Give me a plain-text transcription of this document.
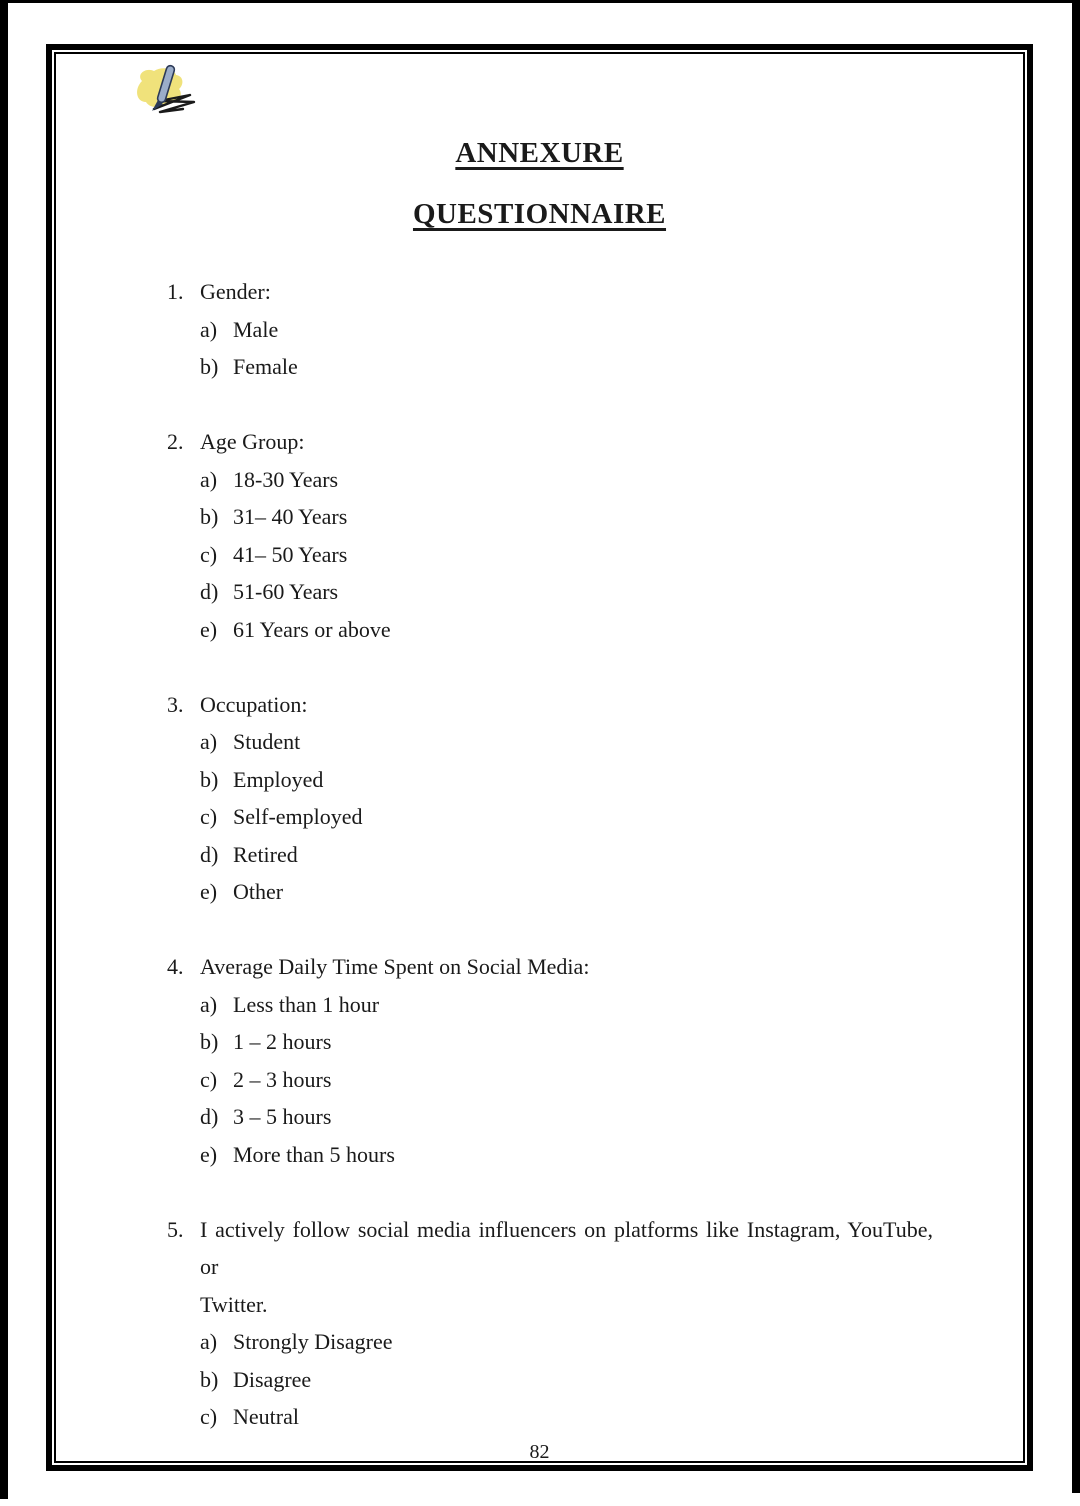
ANNEXURE
QUESTIONNAIRE
1. Gender:
a) Male
b) Female
2. Age Group:
a) 18-30 Years
b) 31– 40 Years
c) 41– 50 Years
d) 51-60 Years
e) 61 Years or above
3. Occupation:
a) Student
b) Employed
c) Self-employed
d) Retired
e) Other
4. Average Daily Time Spent on Social Media:
a) Less than 1 hour
b) 1 – 2 hours
c) 2 – 3 hours
d) 3 – 5 hours
e) More than 5 hours
5. I actively follow social media influencers on platforms like Instagram, YouTube, or
Twitter.
a) Strongly Disagree
b) Disagree
c) Neutral
82
